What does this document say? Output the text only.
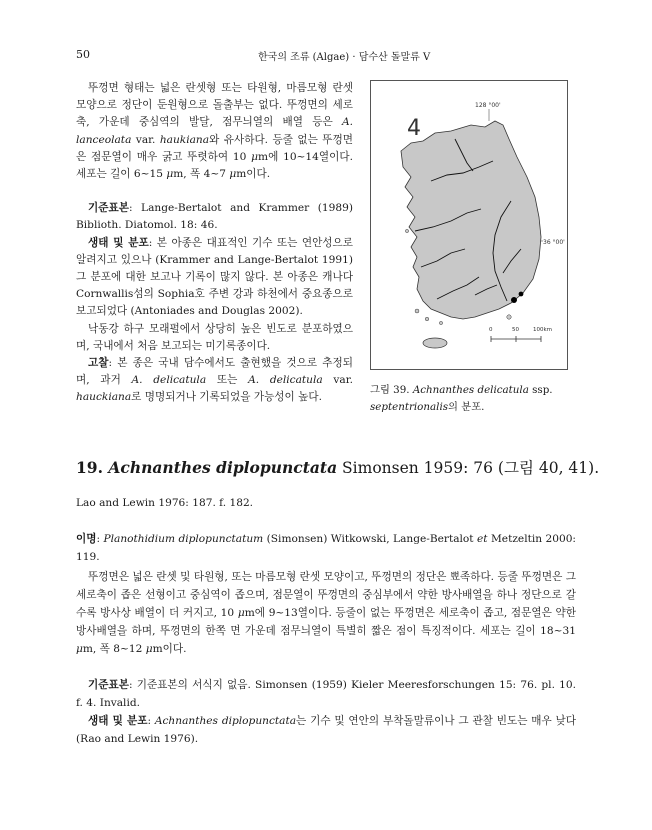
50	한국의 조류 (Algae) · 담수산 돌말류 V

뚜껑면 형태는 넓은 란셋형 또는 타원형, 마름모형 란셋 모양으로 정단이 둔원형으로 돌출부는 없다. 뚜껑면의 세로축, 가운데 중심역의 발달, 점무늬열의 배열 등은 A. lanceolata var. haukiana와 유사하다. 등줄 없는 뚜껑면은 점문열이 매우 굵고 뚜렷하여 10 μm에 10~14열이다. 세포는 길이 6~15 μm, 폭 4~7 μm이다.

기준표본: Lange-Bertalot and Krammer (1989) Biblioth. Diatomol. 18: 46.

생태 및 분포: 본 아종은 대표적인 기수 또는 연안성으로 알려지고 있으나 (Krammer and Lange-Bertalot 1991) 그 분포에 대한 보고나 기록이 많지 않다. 본 아종은 캐나다 Cornwallis섬의 Sophia호 주변 강과 하천에서 중요종으로 보고되었다 (Antoniades and Douglas 2002).

낙동강 하구 모래펄에서 상당히 높은 빈도로 분포하였으며, 국내에서 처음 보고되는 미기록종이다.

고찰: 본 종은 국내 담수에서도 출현했을 것으로 추정되며, 과거 A. delicatula 또는 A. delicatula var. hauckiana로 명명되거나 기록되었을 가능성이 높다.

128 °00'
36 °00'
4
0	50	100km
그림 39. Achnanthes delicatula ssp. septentrionalis의 분포.
19. Achnanthes diplopunctata Simonsen 1959: 76 (그림 40, 41).

Lao and Lewin 1976: 187. f. 182.

이명: Planothidium diplopunctatum (Simonsen) Witkowski, Lange-Bertalot et Metzeltin 2000: 119.

뚜껑면은 넓은 란셋 및 타원형, 또는 마름모형 란셋 모양이고, 뚜껑면의 정단은 뾰족하다. 등줄 뚜껑면은 그 세로축이 좁은 선형이고 중심역이 좁으며, 점문열이 뚜껑면의 중심부에서 약한 방사배열을 하나 정단으로 갈수록 방사상 배열이 더 커지고, 10 μm에 9~13열이다. 등줄이 없는 뚜껑면은 세로축이 좁고, 점문열은 약한 방사배열을 하며, 뚜껑면의 한쪽 면 가운데 점무늬열이 특별히 짧은 점이 특징적이다. 세포는 길이 18~31 μm, 폭 8~12 μm이다.

기준표본: 기준표본의 서식지 없음. Simonsen (1959) Kieler Meeresforschungen 15: 76. pl. 10. f. 4. Invalid.

생태 및 분포: Achnanthes diplopunctata는 기수 및 연안의 부착돌말류이나 그 관찰 빈도는 매우 낮다 (Rao and Lewin 1976).
